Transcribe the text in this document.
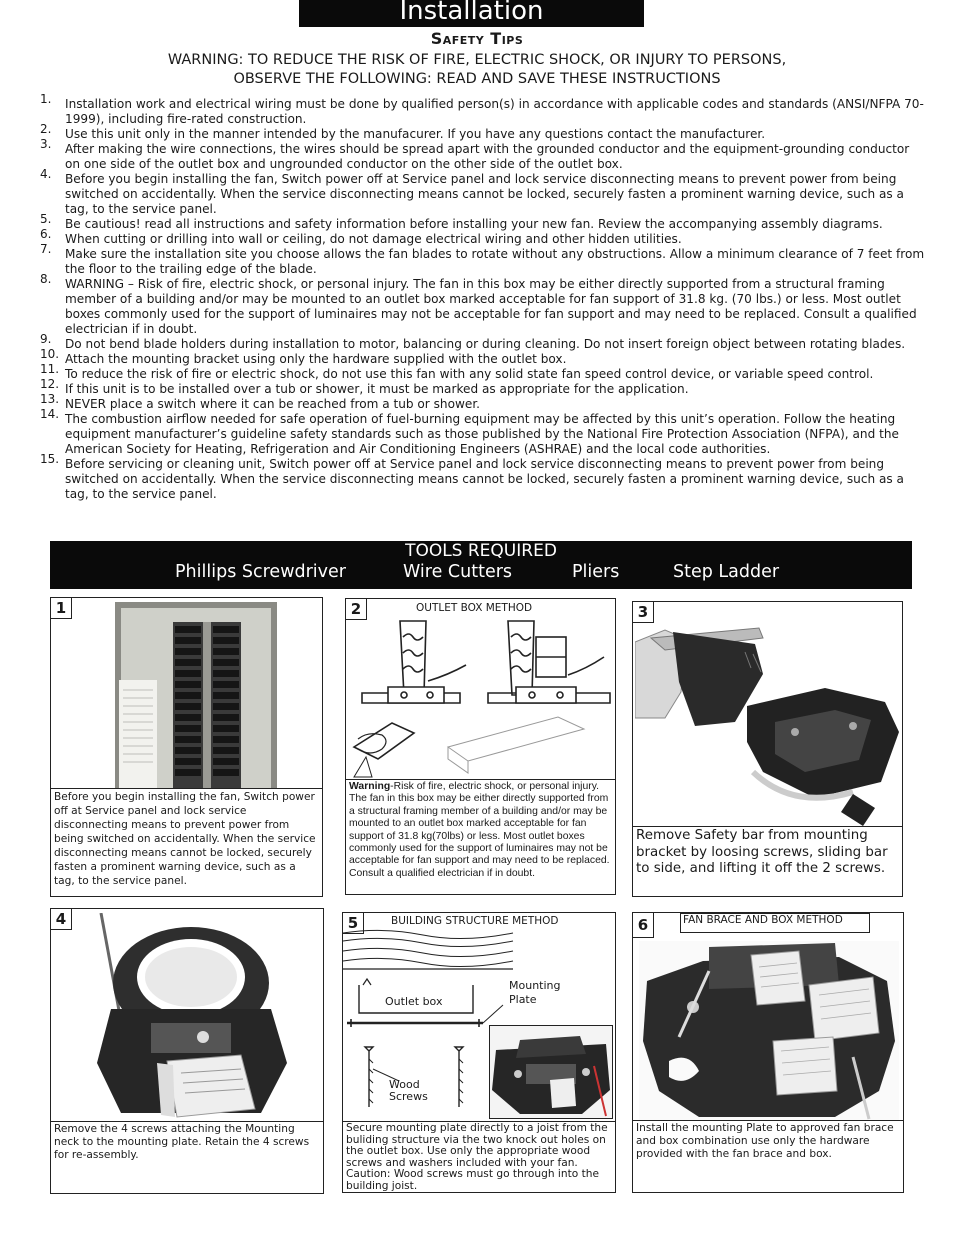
Installation
Safety Tips
WARNING: TO REDUCE THE RISK OF FIRE, ELECTRIC SHOCK, OR INJURY TO PERSONS,
OBSERVE THE FOLLOWING: READ AND SAVE THESE INSTRUCTIONS
1. Installation work and electrical wiring must be done by qualified person(s) in accordance with applicable codes and standards (ANSI/NFPA 70-1999), including fire-rated construction.
2. Use this unit only in the manner intended by the manufacurer. If you have any questions contact the manufacturer.
3. After making the wire connections, the wires should be spread apart with the grounded conductor and the equipment-grounding conductor on one side of the outlet box and ungrounded conductor on the other side of the outlet box.
4. Before you begin installing the fan, Switch power off at Service panel and lock service disconnecting means to prevent power from being switched on accidentally. When the service disconnecting means cannot be locked, securely fasten a prominent warning device, such as a tag, to the service panel.
5. Be cautious! read all instructions and safety information before installing your new fan. Review the accompanying assembly diagrams.
6. When cutting or drilling into wall or ceiling, do not damage electrical wiring and other hidden utilities.
7. Make sure the installation site you choose allows the fan blades to rotate without any obstructions. Allow a minimum clearance of 7 feet from the floor to the trailing edge of the blade.
8. WARNING – Risk of fire, electric shock, or personal injury. The fan in this box may be either directly supported from a structural framing member of a building and/or may be mounted to an outlet box marked acceptable for fan support of 31.8 kg. (70 lbs.) or less. Most outlet boxes commonly used for the support of luminaires may not be acceptable for fan support and may need to be replaced. Consult a qualified electrician if in doubt.
9. Do not bend blade holders during installation to motor, balancing or during cleaning. Do not insert foreign object between rotating blades.
10. Attach the mounting bracket using only the hardware supplied with the outlet box.
11. To reduce the risk of fire or electric shock, do not use this fan with any solid state fan speed control device, or variable speed control.
12. If this unit is to be installed over a tub or shower, it must be marked as appropriate for the application.
13. NEVER place a switch where it can be reached from a tub or shower.
14. The combustion airflow needed for safe operation of fuel-burning equipment may be affected by this unit’s operation. Follow the heating equipment manufacturer’s guideline safety standards such as those published by the National Fire Protection Association (NFPA), and the American Society for Heating, Refrigeration and Air Conditioning Engineers (ASHRAE) and the local code authorities.
15. Before servicing or cleaning unit, Switch power off at Service panel and lock service disconnecting means to prevent power from being switched on accidentally. When the service disconnecting means cannot be locked, securely fasten a prominent warning device, such as a tag, to the service panel.
TOOLS REQUIRED
Phillips Screwdriver	Wire Cutters	Pliers	Step Ladder
1
Before you begin installing the fan, Switch power off at Service panel and lock service disconnecting means to prevent power from being switched on accidentally. When the service disconnecting means cannot be locked, securely fasten a prominent warning device, such as a tag, to the service panel.
2	OUTLET BOX METHOD
Warning-Risk of fire, electric shock, or personal injury. The fan in this box may be either directly supported from a structural framing member of a building and/or may be mounted to an outlet box marked acceptable for fan support of 31.8 kg(70lbs) or less. Most outlet boxes commonly used for the support of luminaires may not be acceptable for fan support and may need to be replaced. Consult a qualified electrician if in doubt.
3
Remove Safety bar from mounting bracket by loosing screws, sliding bar to side, and lifting it off the 2 screws.
4
Remove the 4 screws attaching the Mounting neck to the mounting plate. Retain the 4 screws for re-assembly.
5	BUILDING STRUCTURE METHOD
Outlet box
Mounting Plate
Wood Screws
Secure mounting plate directly to a joist from the buliding structure via the two knock out holes on the outlet box. Use only the appropriate wood screws and washers included with your fan. Caution: Wood screws must go through into the building joist.
6	FAN BRACE AND BOX METHOD
Install the mounting Plate to approved fan brace and box combination use only the hardware provided with the fan brace and box.
